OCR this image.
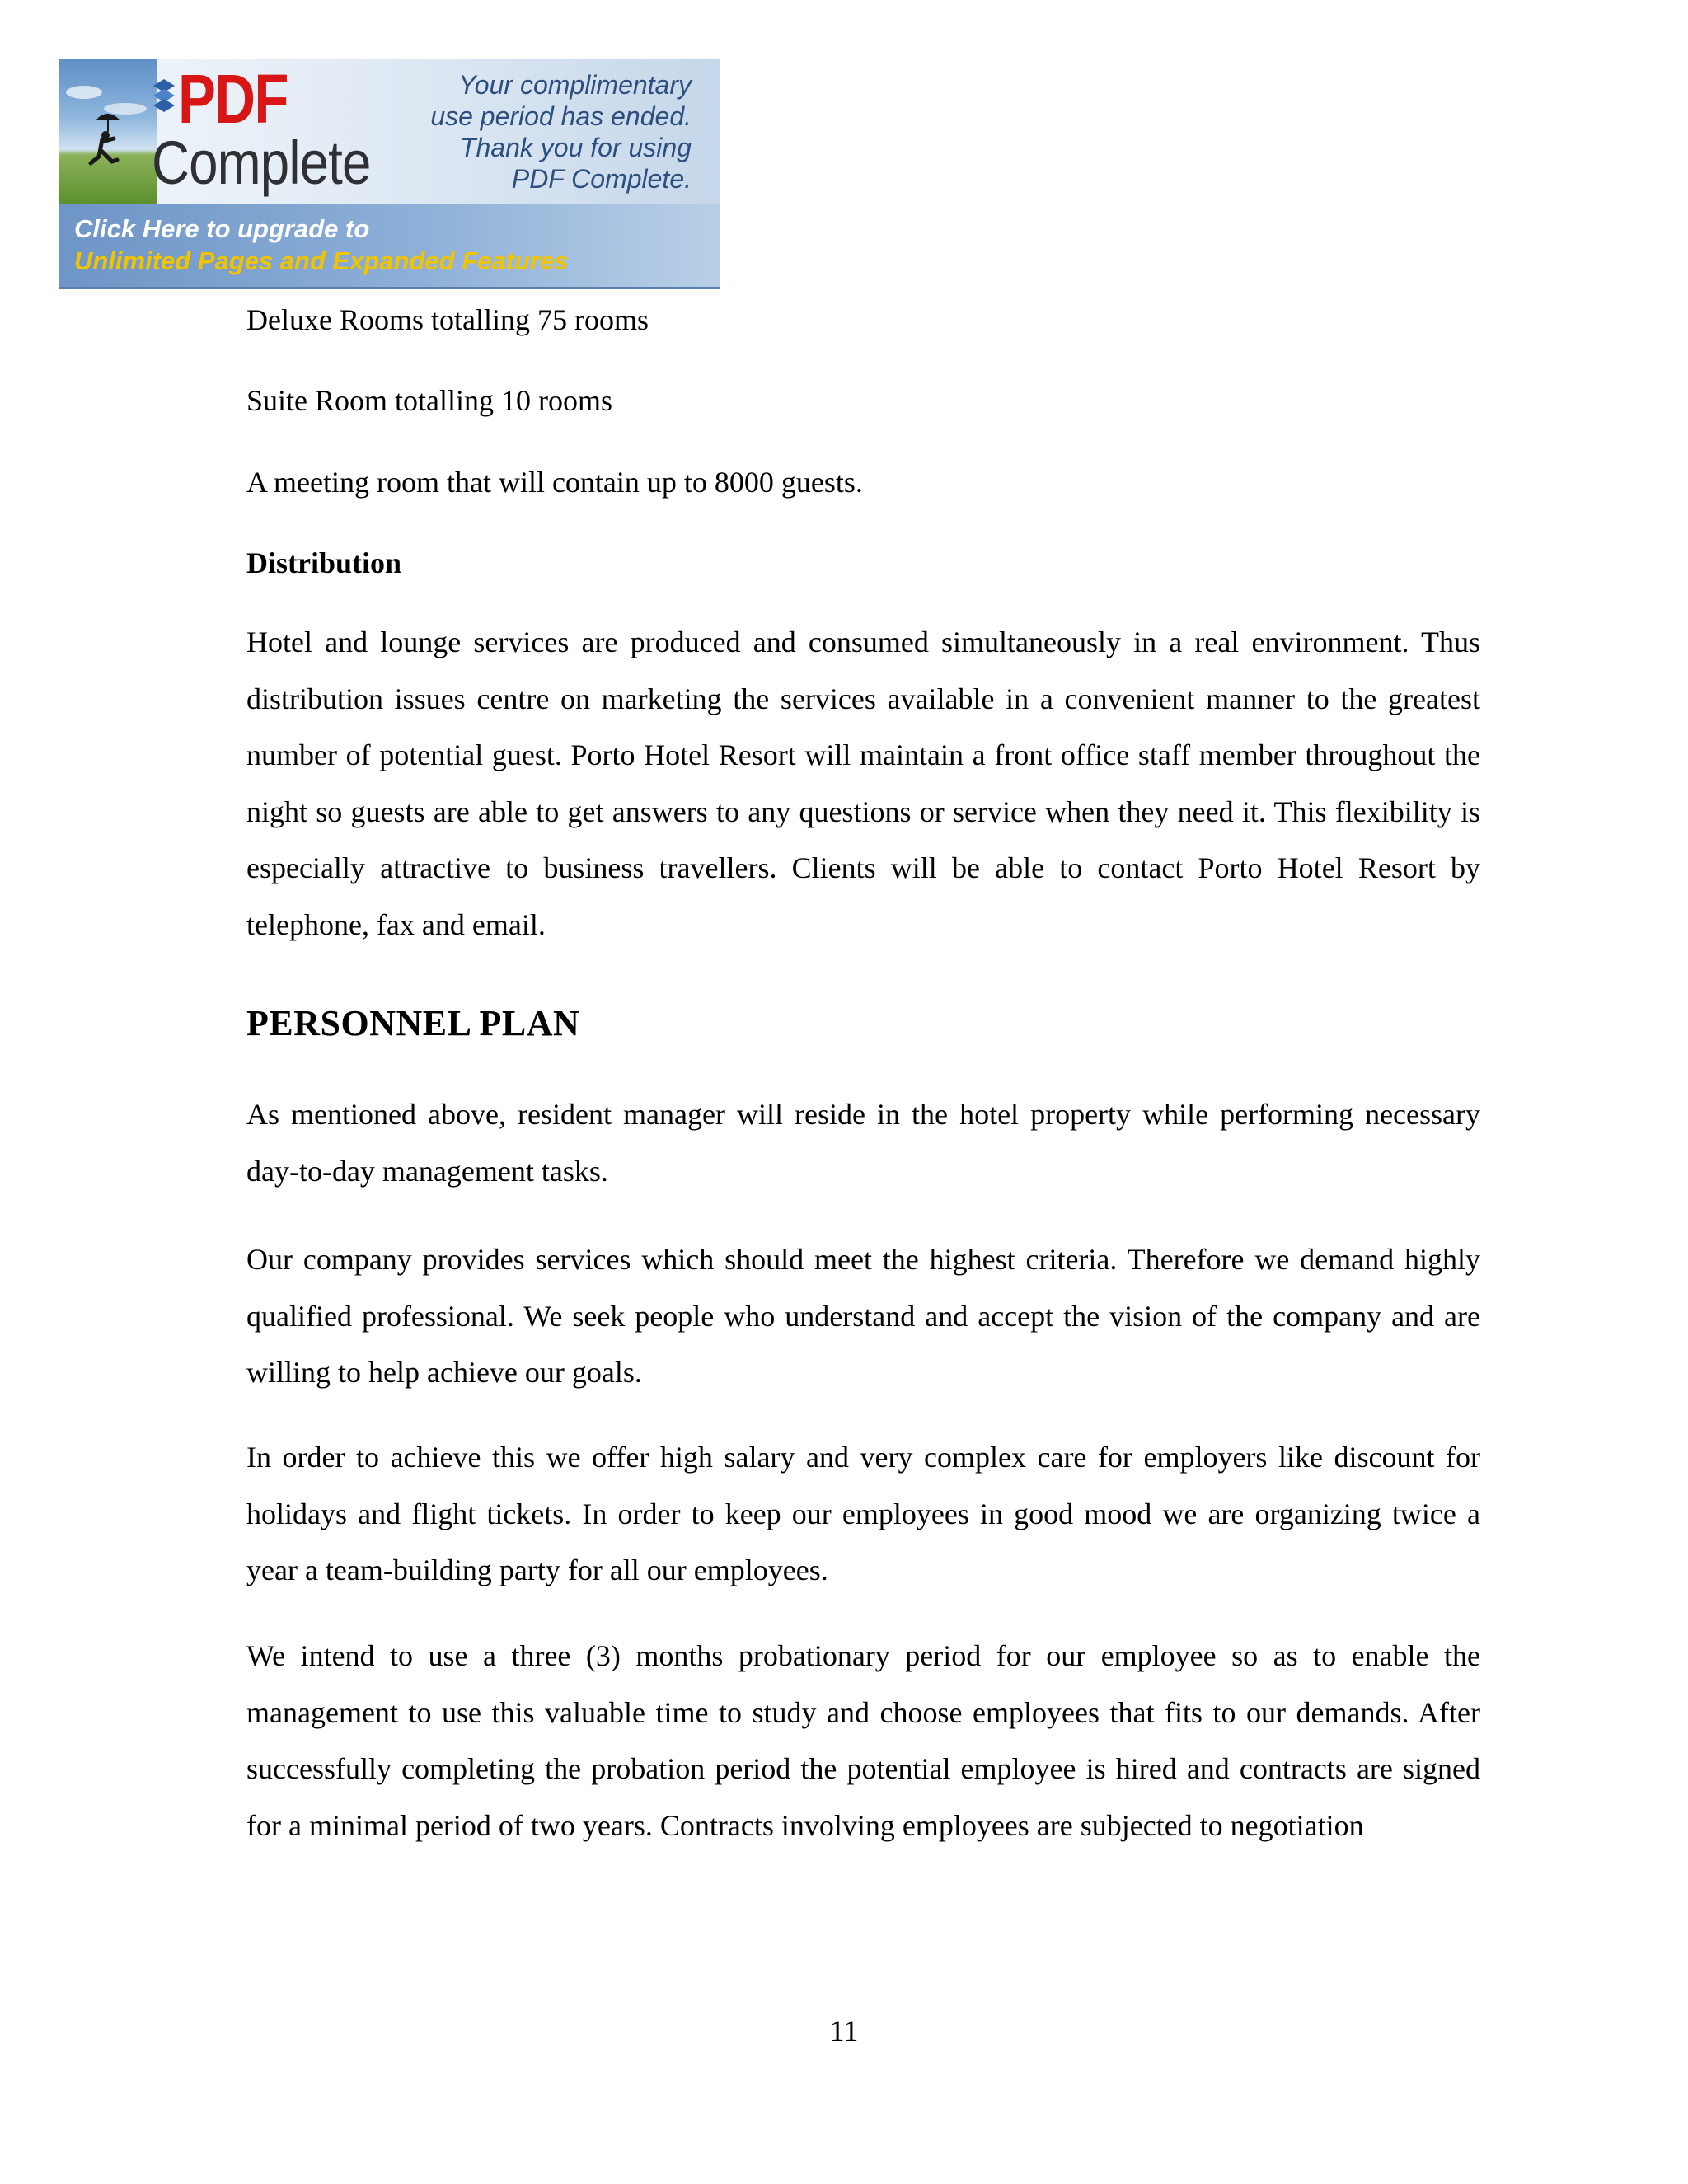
PDF
Complete
Your complimentary
use period has ended.
Thank you for using
PDF Complete.
Click Here to upgrade to
Unlimited Pages and Expanded Features
Deluxe Rooms totalling 75 rooms
Suite Room totalling 10 rooms
A meeting room that will contain up to 8000 guests.
Distribution
Hotel and lounge services are produced and consumed simultaneously in a real environment. Thus distribution issues centre on marketing the services available in a convenient manner to the greatest number of potential guest. Porto Hotel Resort will maintain a front office staff member throughout the night so guests are able to get answers to any questions or service when they need it. This flexibility is especially attractive to business travellers. Clients will be able to contact Porto Hotel Resort by telephone, fax and email.
PERSONNEL PLAN
As mentioned above, resident manager will reside in the hotel property while performing necessary day-to-day management tasks.
Our company provides services which should meet the highest criteria. Therefore we demand highly qualified professional. We seek people who understand and accept the vision of the company and are willing to help achieve our goals.
In order to achieve this we offer high salary and very complex care for employers like discount for holidays and flight tickets. In order to keep our employees in good mood we are organizing twice a year a team-building party for all our employees.
We intend to use a three (3) months probationary period for our employee so as to enable the management to use this valuable time to study and choose employees that fits to our demands. After successfully completing the probation period the potential employee is hired and contracts are signed for a minimal period of two years. Contracts involving employees are subjected to negotiation
11
